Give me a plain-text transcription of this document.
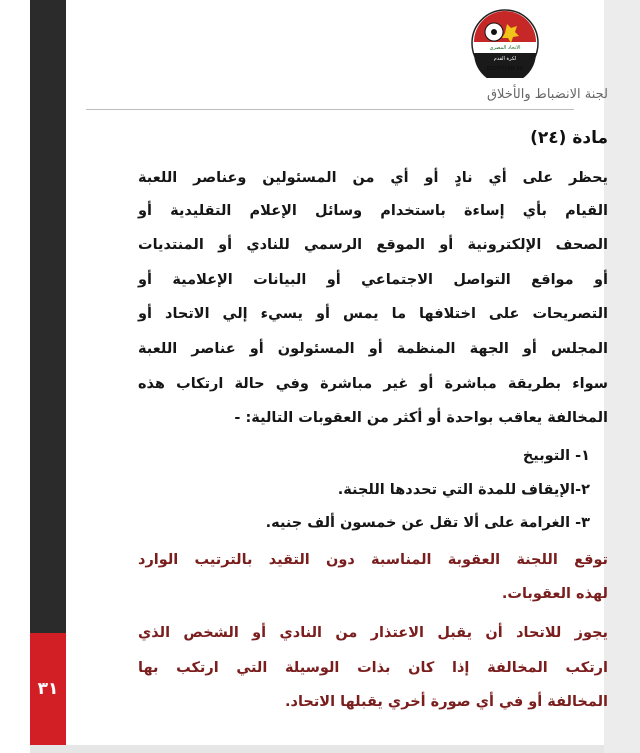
٣١
الاتحاد المصري
لكرة القدم
EGYPTIAN FA
لجنة الانضباط والأخلاق
مادة (٢٤)
يحظر على أي نادٍ أو أي من المسئولين وعناصر اللعبة
القيام بأي إساءة باستخدام وسائل الإعلام التقليدية أو
الصحف الإلكترونية أو الموقع الرسمي للنادي أو المنتديات
أو مواقع التواصل الاجتماعي أو البيانات الإعلامية أو
التصريحات على اختلافها ما يمس أو يسيء إلي الاتحاد أو
المجلس أو الجهة المنظمة أو المسئولون أو عناصر اللعبة
سواء بطريقة مباشرة أو غير مباشرة وفي حالة ارتكاب هذه
المخالفة يعاقب بواحدة أو أكثر من العقوبات التالية: -
١- التوبيخ
٢-الإيقاف للمدة التي تحددها اللجنة.
٣- الغرامة على ألا تقل عن خمسون ألف جنيه.
توقع اللجنة العقوبة المناسبة دون التقيد بالترتيب الوارد
لهذه العقوبات.
يجوز للاتحاد أن يقبل الاعتذار من النادي أو الشخص الذي
ارتكب المخالفة إذا كان بذات الوسيلة التي ارتكب بها
المخالفة أو في أي صورة أخري يقبلها الاتحاد.
